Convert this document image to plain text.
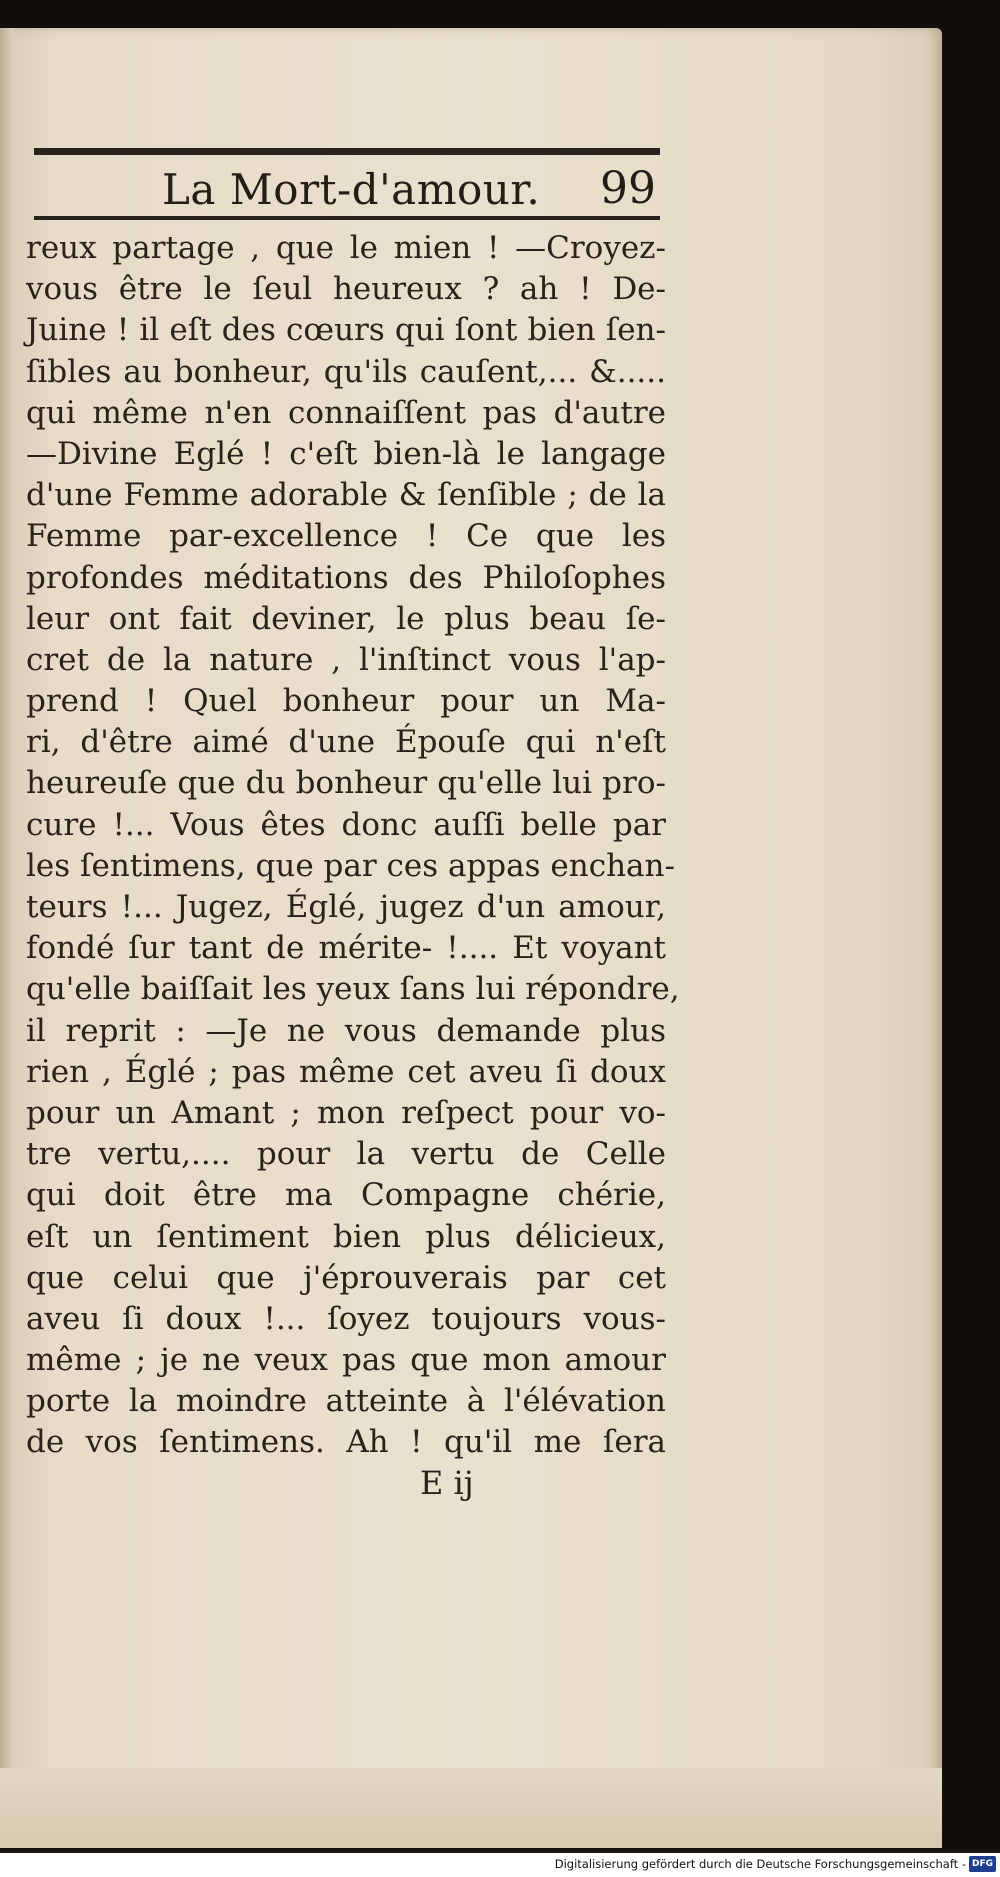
La Mort-d'amour. 99
reux partage , que le mien ! —Croyez-
vous être le ſeul heureux ? ah ! De-
Juine ! il eſt des cœurs qui ſont bien ſen-
ſibles au bonheur, qu'ils cauſent,... &.....
qui même n'en connaiſſent pas d'autre
—Divine Eglé ! c'eſt bien-là le langage
d'une Femme adorable & ſenſible ; de la
Femme par-excellence ! Ce que les
profondes méditations des Philoſophes
leur ont fait deviner, le plus beau ſe-
cret de la nature , l'inſtinct vous l'ap-
prend ! Quel bonheur pour un Ma-
ri, d'être aimé d'une Épouſe qui n'eſt
heureuſe que du bonheur qu'elle lui pro-
cure !... Vous êtes donc auſſi belle par
les ſentimens, que par ces appas enchan-
teurs !... Jugez, Églé, jugez d'un amour,
fondé ſur tant de mérite- !.... Et voyant
qu'elle baiſſait les yeux ſans lui répondre,
il reprit : —Je ne vous demande plus
rien , Églé ; pas même cet aveu ſi doux
pour un Amant ; mon reſpect pour vo-
tre vertu,.... pour la vertu de Celle
qui doit être ma Compagne chérie,
eſt un ſentiment bien plus délicieux,
que celui que j'éprouverais par cet
aveu ſi doux !... ſoyez toujours vous-
même ; je ne veux pas que mon amour
porte la moindre atteinte à l'élévation
de vos ſentimens. Ah ! qu'il me ſera
E ij
Digitalisierung gefördert durch die Deutsche Forschungsgemeinschaft - DFG
